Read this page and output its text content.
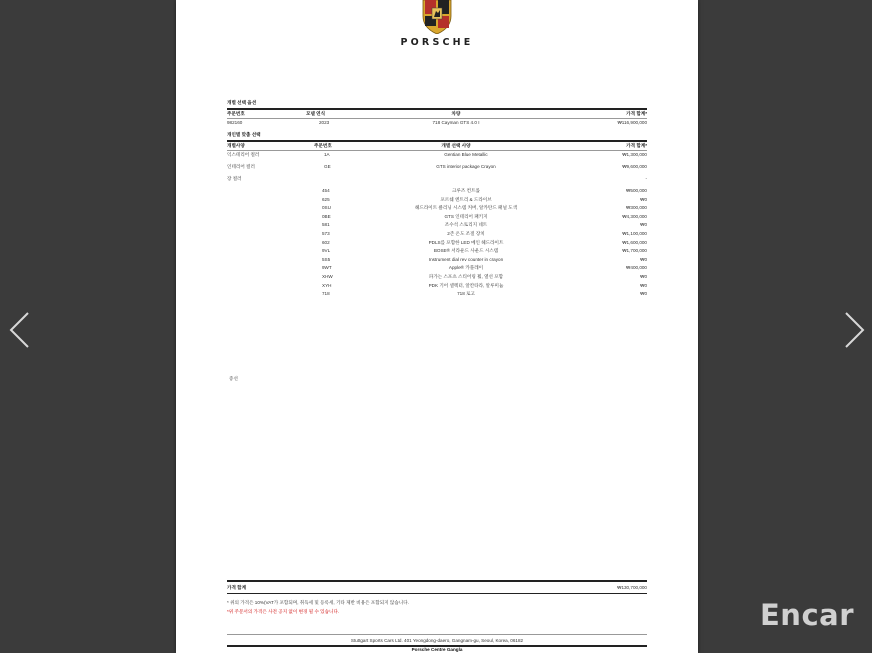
Encar
PORSCHE
개별 선택 옵션
주문번호	모델 연식	차량	가격 합계*
982160	2023	718 Cayman GTS 4.0 I	₩116,900,000
개인별 맞춤 선택
개별사양	주문번호	개별 선택 사양	가격 합계*
익스테리어 컬러	1A	Gentian Blue Metallic	₩1,300,000
인테리어 컬러	GE	GTS interior package Crayon	₩9,600,000
장 컬러	-
454	크루즈 컨트롤	₩500,000
625	포르쉐 엔트리 & 드라이브	₩0
0SU	헤드라이트 클리닝 시스템 커버, 알카탄드 패널 도색	₩300,000
0BE	GTS 인테리어 패키지	₩4,300,000
581	조수석 스토리지 네트	₩0
573	2존 온도 조절 장치	₩1,100,000
602	PDLS를 포함한 LED 메인 헤드라이트	₩1,600,000
9VL	BOSE® 서라운드 사운드 시스템	₩1,700,000
5S5	Instrument dial rev counter in crayon	₩0
9WT	Apple® 카플레이	₩400,000
XHW	파가는 스포츠 스티어링 휠, 열선 포함	₩0
XYH	PDK 기어 셀렉터, 알칸타라, 알루미늄	₩0
718	718 로고	₩0
증선
가격 합계	₩130,700,000
* 위의 가격은 10%(VAT가 포함되며, 취득세 및 등록세, 기타 제반 비용은 포함되지 않습니다.
*위 주문서의 가격은 사전 공지 없이 변경 될 수 있습니다.
Stuttgart Sports Cars Ltd. 401 Yeongdong-daero, Gangnam-gu, Seoul, Korea, 06182
Porsche Centre Gangla
